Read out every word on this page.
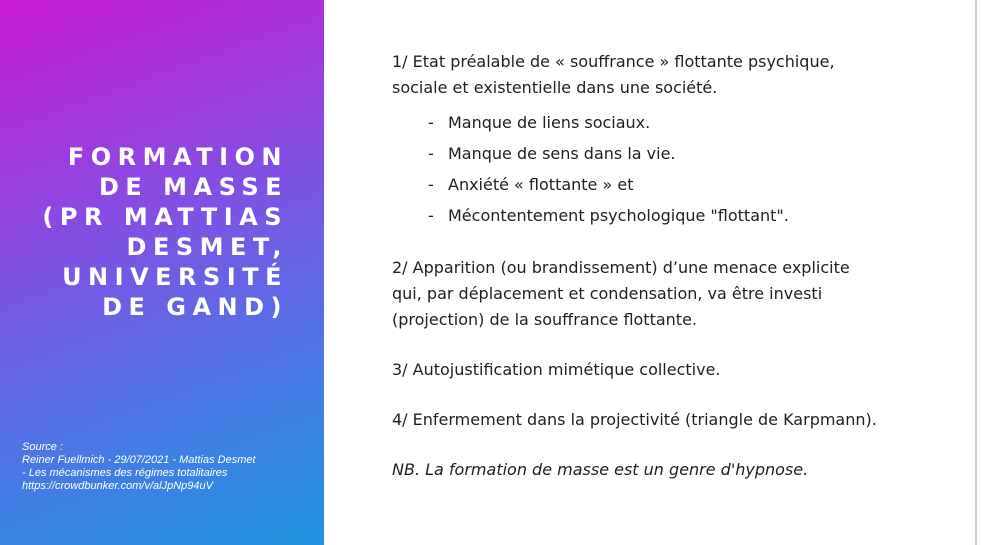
FORMATION
DE MASSE
(PR MATTIAS
DESMET,
UNIVERSITÉ
DE GAND)
Source :
Reiner Fuellmich - 29/07/2021 - Mattias Desmet
- Les mécanismes des régimes totalitaires
https://crowdbunker.com/v/alJpNp94uV

1/ Etat préalable de « souffrance » flottante psychique,
sociale et existentielle dans une société.

- Manque de liens sociaux.
- Manque de sens dans la vie.
- Anxiété « flottante » et
- Mécontentement psychologique "flottant".

2/ Apparition (ou brandissement) d’une menace explicite
qui, par déplacement et condensation, va être investi
(projection) de la souffrance flottante.

3/ Autojustification mimétique collective.

4/ Enfermement dans la projectivité (triangle de Karpmann).

NB. La formation de masse est un genre d'hypnose.
